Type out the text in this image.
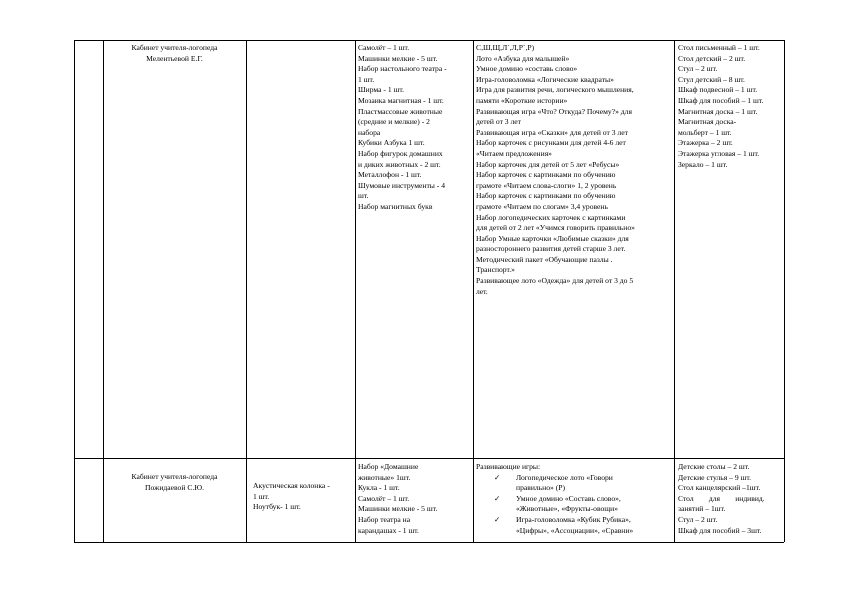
Кабинет учителя-логопеда
Мелентьевой Е.Г.
Самолёт – 1 шт.
Машинки мелкие - 5 шт.
Набор настольного театра -
1 шт.
Ширма - 1 шт.
Мозаика магнитная - 1 шт.
Пластмассовые животные
(средние и мелкие) - 2
набора
Кубики Азбука 1 шт.
Набор фигурок домашних
и диких животных - 2 шт.
Металлофон - 1 шт.
Шумовые инструменты - 4
шт.
Набор магнитных букв
С,Ш,Щ,Л`,Л,Р`,Р)
Лото «Азбука для малышей»
Умное домино «составь слово»
Игра-головоломка «Логические квадраты»
Игра для развития речи, логического мышления,
памяти «Короткие истории»
Развивающая игра «Что? Откуда? Почему?» для
детей от 3 лет
Развивающая игра «Сказки» для детей от 3 лет
Набор карточек с рисунками для детей 4-6 лет
«Читаем предложения»
Набор карточек для детей от 5 лет «Ребусы»
Набор карточек с картинками по обучению
грамоте «Читаем слова-слоги» 1, 2 уровень
Набор карточек с картинками по обучению
грамоте «Читаем по слогам» 3,4 уровень
Набор логопедических карточек с картинками
для детей от 2 лет «Учимся говорить правильно»
Набор Умные карточки «Любимые сказки» для
разностороннего развития детей старше 3 лет.
Методический пакет «Обучающие пазлы .
Транспорт.»
Развивающее лото «Одежда» для детей от 3 до 5
лет.
Стол письменный – 1 шт.
Стол детский – 2 шт.
Стул – 2 шт.
Стул детский – 8 шт.
Шкаф подвесной – 1 шт.
Шкаф для пособий – 1 шт.
Магнитная доска – 1 шт.
Магнитная доска-
мольберт – 1 шт.
Этажерка – 2 шт.
Этажерка угловая – 1 шт.
Зеркало – 1 шт.
Кабинет учителя-логопеда
Пожидаевой С.Ю.	Акустическая колонка -
1 шт.
Ноутбук- 1 шт.
Набор «Домашние
животные» 1шт.
Кукла - 1 шт.
Самолёт – 1 шт.
Машинки мелкие - 5 шт.
Набор театра на
карандашах - 1 шт.
Развивающие игры:
✓ Логопедическое лото «Говори
правильно» (Р)
✓ Умное домино «Составь слово»,
«Животные», «Фрукты-овощи»
✓ Игра-головоломка «Кубик Рубика»,
«Цифры», «Ассоциации», «Сравни»
Детские столы – 2 шт.
Детские стулья – 9 шт.
Стол канцелярский –1шт.
Стол        для        индивид.
занятий – 1шт.
Стул – 2 шт.
Шкаф для пособий – 3шт.
